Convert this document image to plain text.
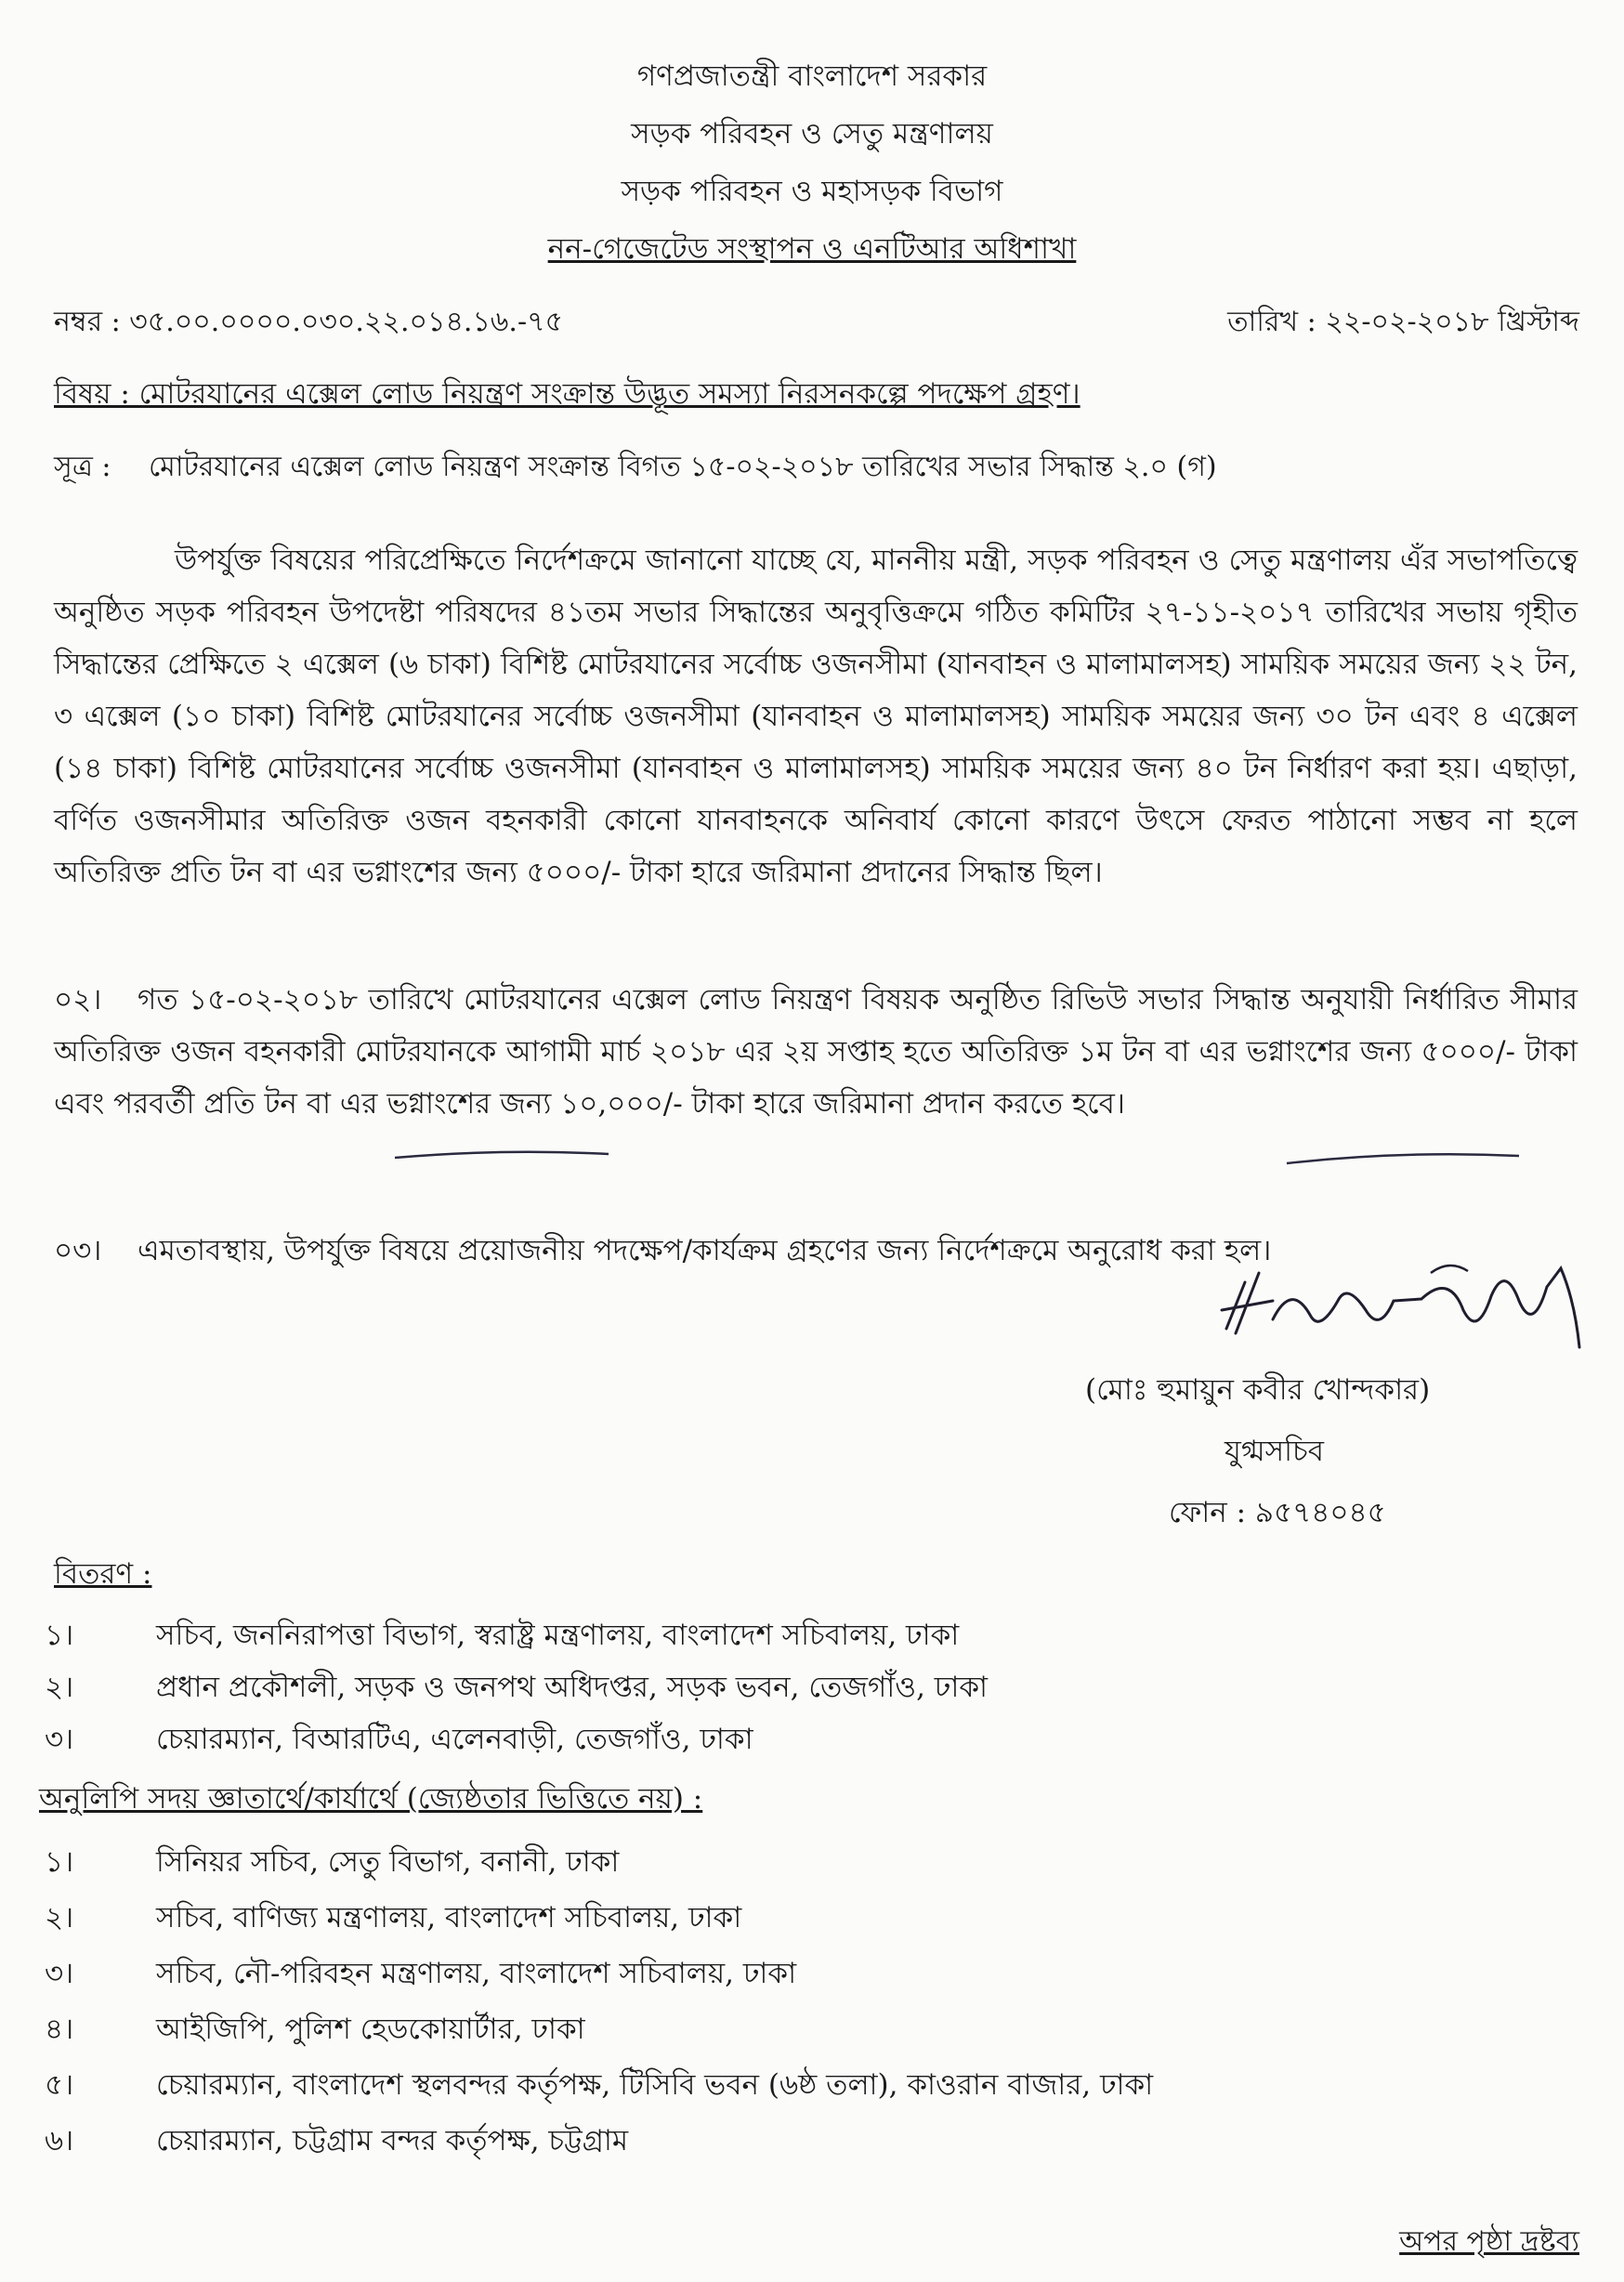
গণপ্রজাতন্ত্রী বাংলাদেশ সরকার
সড়ক পরিবহন ও সেতু মন্ত্রণালয়
সড়ক পরিবহন ও মহাসড়ক বিভাগ
নন-গেজেটেড সংস্থাপন ও এনটিআর অধিশাখা
নম্বর : ৩৫.০০.০০০০.০৩০.২২.০১৪.১৬.-৭৫	তারিখ : ২২-০২-২০১৮ খ্রিস্টাব্দ
বিষয় : মোটরযানের এক্সেল লোড নিয়ন্ত্রণ সংক্রান্ত উদ্ভূত সমস্যা নিরসনকল্পে পদক্ষেপ গ্রহণ।
সূত্র : মোটরযানের এক্সেল লোড নিয়ন্ত্রণ সংক্রান্ত বিগত ১৫-০২-২০১৮ তারিখের সভার সিদ্ধান্ত ২.০ (গ)
উপর্যুক্ত বিষয়ের পরিপ্রেক্ষিতে নির্দেশক্রমে জানানো যাচ্ছে যে, মাননীয় মন্ত্রী, সড়ক পরিবহন ও সেতু মন্ত্রণালয় এঁর সভাপতিত্বে অনুষ্ঠিত সড়ক পরিবহন উপদেষ্টা পরিষদের ৪১তম সভার সিদ্ধান্তের অনুবৃত্তিক্রমে গঠিত কমিটির ২৭-১১-২০১৭ তারিখের সভায় গৃহীত সিদ্ধান্তের প্রেক্ষিতে ২ এক্সেল (৬ চাকা) বিশিষ্ট মোটরযানের সর্বোচ্চ ওজনসীমা (যানবাহন ও মালামালসহ) সাময়িক সময়ের জন্য ২২ টন, ৩ এক্সেল (১০ চাকা) বিশিষ্ট মোটরযানের সর্বোচ্চ ওজনসীমা (যানবাহন ও মালামালসহ) সাময়িক সময়ের জন্য ৩০ টন এবং ৪ এক্সেল (১৪ চাকা) বিশিষ্ট মোটরযানের সর্বোচ্চ ওজনসীমা (যানবাহন ও মালামালসহ) সাময়িক সময়ের জন্য ৪০ টন নির্ধারণ করা হয়। এছাড়া, বর্ণিত ওজনসীমার অতিরিক্ত ওজন বহনকারী কোনো যানবাহনকে অনিবার্য কোনো কারণে উৎসে ফেরত পাঠানো সম্ভব না হলে অতিরিক্ত প্রতি টন বা এর ভগ্নাংশের জন্য ৫০০০/- টাকা হারে জরিমানা প্রদানের সিদ্ধান্ত ছিল।
০২। গত ১৫-০২-২০১৮ তারিখে মোটরযানের এক্সেল লোড নিয়ন্ত্রণ বিষয়ক অনুষ্ঠিত রিভিউ সভার সিদ্ধান্ত অনুযায়ী নির্ধারিত সীমার অতিরিক্ত ওজন বহনকারী মোটরযানকে আগামী মার্চ ২০১৮ এর ২য় সপ্তাহ হতে অতিরিক্ত ১ম টন বা এর ভগ্নাংশের জন্য ৫০০০/- টাকা এবং পরবর্তী প্রতি টন বা এর ভগ্নাংশের জন্য ১০,০০০/- টাকা হারে জরিমানা প্রদান করতে হবে।
০৩। এমতাবস্থায়, উপর্যুক্ত বিষয়ে প্রয়োজনীয় পদক্ষেপ/কার্যক্রম গ্রহণের জন্য নির্দেশক্রমে অনুরোধ করা হল।
(মোঃ হুমায়ুন কবীর খোন্দকার)
যুগ্মসচিব
ফোন : ৯৫৭৪০৪৫
বিতরণ :
১।	সচিব, জননিরাপত্তা বিভাগ, স্বরাষ্ট্র মন্ত্রণালয়, বাংলাদেশ সচিবালয়, ঢাকা
২।	প্রধান প্রকৌশলী, সড়ক ও জনপথ অধিদপ্তর, সড়ক ভবন, তেজগাঁও, ঢাকা
৩।	চেয়ারম্যান, বিআরটিএ, এলেনবাড়ী, তেজগাঁও, ঢাকা
অনুলিপি সদয় জ্ঞাতার্থে/কার্যার্থে (জ্যেষ্ঠতার ভিত্তিতে নয়) :
১।	সিনিয়র সচিব, সেতু বিভাগ, বনানী, ঢাকা
২।	সচিব, বাণিজ্য মন্ত্রণালয়, বাংলাদেশ সচিবালয়, ঢাকা
৩।	সচিব, নৌ-পরিবহন মন্ত্রণালয়, বাংলাদেশ সচিবালয়, ঢাকা
৪।	আইজিপি, পুলিশ হেডকোয়ার্টার, ঢাকা
৫।	চেয়ারম্যান, বাংলাদেশ স্থলবন্দর কর্তৃপক্ষ, টিসিবি ভবন (৬ষ্ঠ তলা), কাওরান বাজার, ঢাকা
৬।	চেয়ারম্যান, চট্টগ্রাম বন্দর কর্তৃপক্ষ, চট্টগ্রাম
অপর পৃষ্ঠা দ্রষ্টব্য
